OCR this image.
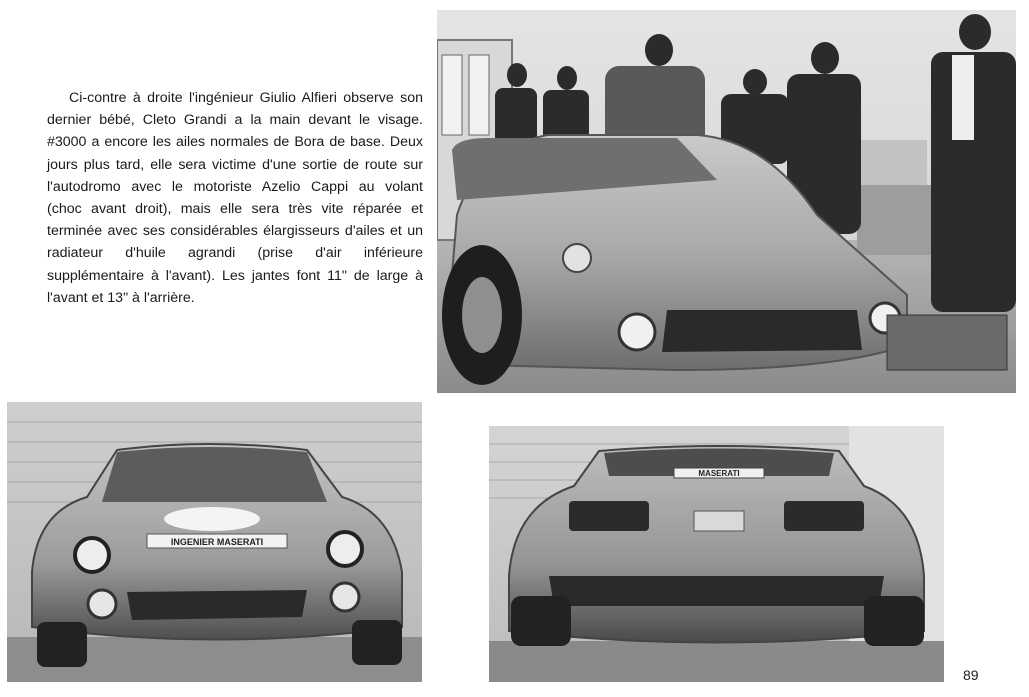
Ci-contre à droite l'ingénieur Giulio Alfieri observe son
dernier bébé, Cleto Grandi a la main devant le visage.
#3000 a encore les ailes normales de Bora de base. Deux
jours plus tard, elle sera victime d'une sortie de route sur
l'autodromo avec le motoriste Azelio Cappi au volant
(choc avant droit), mais elle sera très vite réparée et
terminée avec ses considérables élargisseurs d'ailes et un
radiateur d'huile agrandi (prise d'air inférieure
supplémentaire à l'avant). Les jantes font 11" de large à
l'avant et 13" à l'arrière.

INGENIER MASERATI
MASERATI
89
